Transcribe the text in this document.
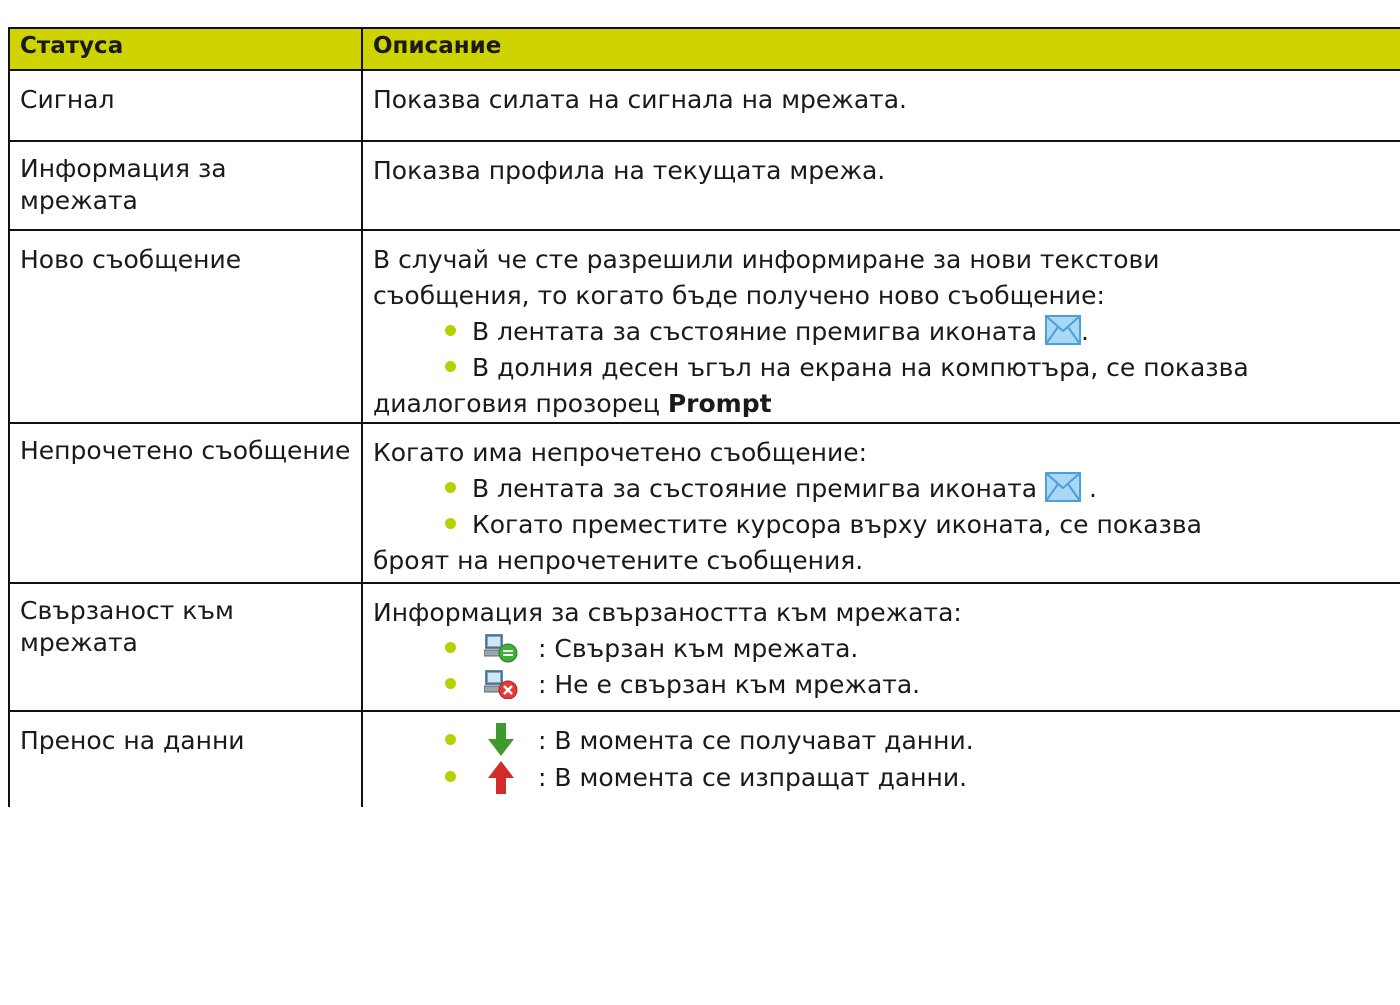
Статуса	Описание
Сигнал	Показва силата на сигнала на мрежата.
Информация за мрежата	Показва профила на текущата мрежа.
Ново съобщение	В случай че сте разрешили информиране за нови текстови
съобщения, то когато бъде получено ново съобщение:
В лентата за състояние премигва иконата .
В долния десен ъгъл на екрана на компютъра, се показва
диалоговия прозорец Prompt

Непрочетено съобщение	Когато има непрочетено съобщение:
В лентата за състояние премигва иконата .
Когато преместите курсора върху иконата, се показва
броят на непрочетените съобщения.

Свързаност към мрежата	Информация за свързаността към мрежата:
: Свързан към мрежата.
: Не е свързан към мрежата.

Пренос на данни	: В момента се получават данни.
: В момента се изпращат данни.
